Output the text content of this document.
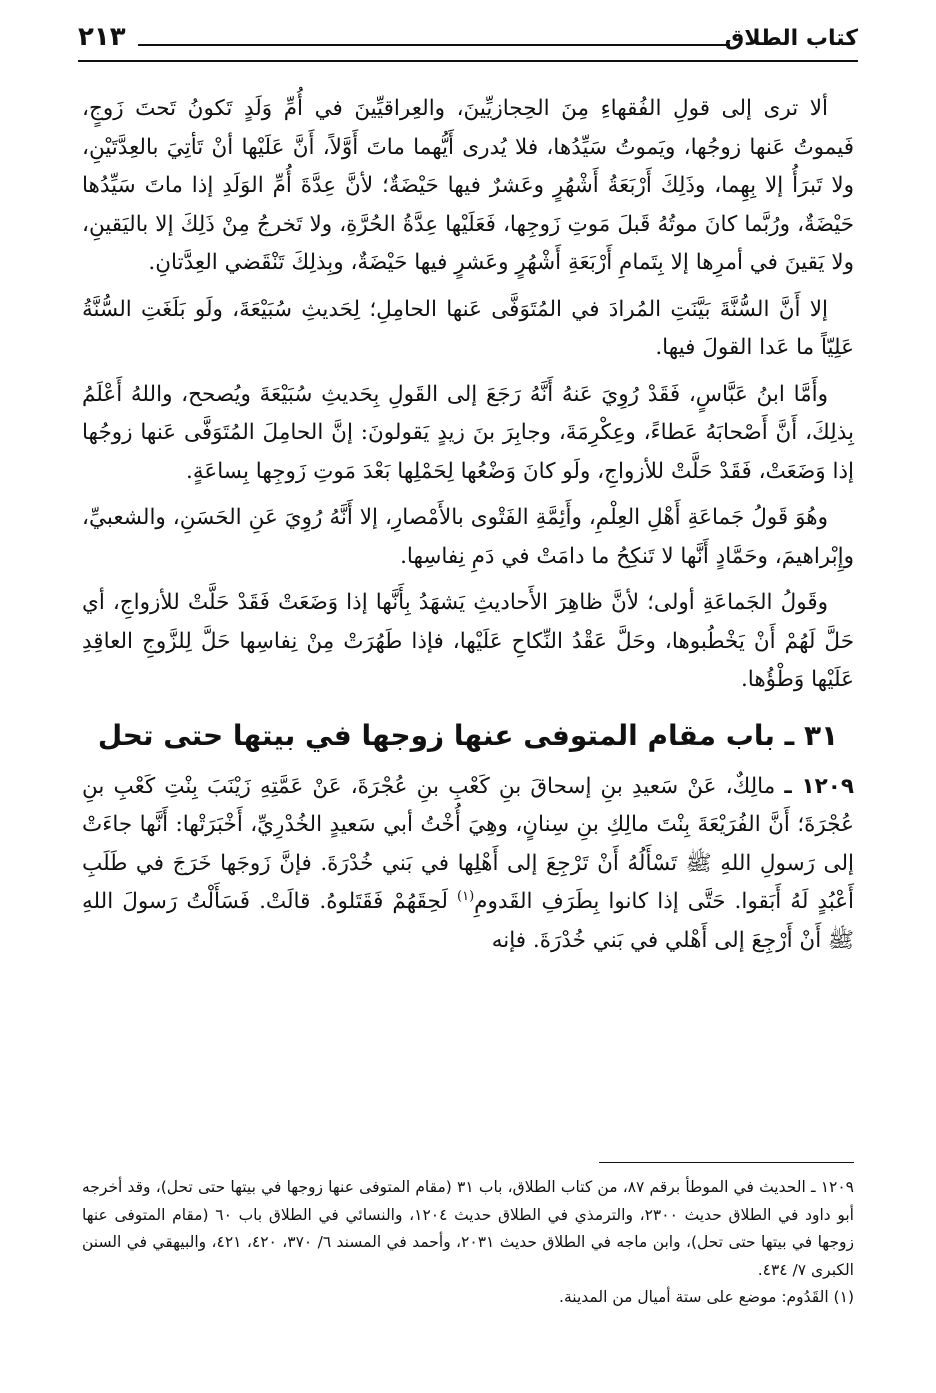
كتاب الطلاق
٢١٣

ألا ترى إلى قولِ الفُقهاءِ مِنَ الحِجازيِّينَ، والعِراقيِّينَ في أُمِّ وَلَدٍ تَكونُ تَحتَ زَوجٍ، فَيموتُ عَنها زوجُها، ويَموتُ سَيِّدُها، فلا يُدرى أَيُّهما ماتَ أَوَّلاً، أَنَّ عَلَيْها أنْ تَأتِيَ بالعِدَّتَيْنِ، ولا تَبرَأُ إلا بِهِما، وذَلِكَ أَرْبَعَةُ أَشْهُرٍ وعَشرٌ فيها حَيْضَةٌ؛ لأنَّ عِدَّةَ أُمِّ الوَلَدِ إذا ماتَ سَيِّدُها حَيْضَةٌ، ورُبَّما كانَ موتُهُ قَبلَ مَوتِ زَوجِها، فَعَلَيْها عِدَّةُ الحُرَّةِ، ولا تَخرجُ مِنْ ذَلِكَ إلا باليَقينِ، ولا يَقينَ في أمرِها إلا بِتَمامِ أَرْبَعَةِ أَشْهُرٍ وعَشرٍ فيها حَيْضَةٌ، وبِذلِكَ تَنْقَضي العِدَّتانِ.

إلا أَنَّ السُّنَّةَ بَيَّنَتِ المُرادَ في المُتَوَفَّى عَنها الحامِلِ؛ لِحَديثِ سُبَيْعَةَ، ولَو بَلَغَتِ السُّنَّةُ عَلِيّاً ما عَدا القولَ فيها.

وأَمَّا ابنُ عَبَّاسٍ، فَقَدْ رُوِيَ عَنهُ أَنَّهُ رَجَعَ إلى القَولِ بِحَديثِ سُبَيْعَةَ ويُصحح، واللهُ أَعْلَمُ بِذلِكَ، أَنَّ أَصْحابَهُ عَطاءً، وعِكْرِمَةَ، وجابِرَ بنَ زيدٍ يَقولونَ: إنَّ الحامِلَ المُتَوَفَّى عَنها زوجُها إذا وَضَعَتْ، فَقَدْ حَلَّتْ للأزواجِ، ولَو كانَ وَضْعُها لِحَمْلِها بَعْدَ مَوتِ زَوجِها بِساعَةٍ.

وهُوَ قَولُ جَماعَةِ أَهْلِ العِلْمِ، وأَئِمَّةِ الفَتْوى بالأَمْصارِ، إلا أَنَّهُ رُوِيَ عَنِ الحَسَنِ، والشعبيِّ، وإِبْراهيمَ، وحَمَّادٍ أَنَّها لا تَنكِحُ ما دامَتْ في دَمِ نِفاسِها.

وقَولُ الجَماعَةِ أولى؛ لأنَّ ظاهِرَ الأَحاديثِ يَشهَدُ بِأَنَّها إذا وَضَعَتْ فَقَدْ حَلَّتْ للأزواجِ، أي حَلَّ لَهُمْ أَنْ يَخْطُبوها، وحَلَّ عَقْدُ النِّكاحِ عَلَيْها، فإذا طَهُرَتْ مِنْ نِفاسِها حَلَّ لِلزَّوجِ العاقِدِ عَلَيْها وَطْؤُها.

٣١ ـ باب مقام المتوفى عنها زوجها في بيتها حتى تحل

١٢٠٩ ـ مالِكٌ، عَنْ سَعيدِ بنِ إسحاقَ بنِ كَعْبِ بنِ عُجْرَةَ، عَنْ عَمَّتِهِ زَيْنَبَ بِنْتِ كَعْبِ بنِ عُجْرَةَ؛ أَنَّ الفُرَيْعَةَ بِنْتَ مالِكِ بنِ سِنانٍ، وهِيَ أُخْتُ أبي سَعيدٍ الخُدْرِيِّ، أَخْبَرَتْها: أَنَّها جاءَتْ إلى رَسولِ اللهِ ﷺ تَسْأَلُهُ أَنْ تَرْجِعَ إلى أَهْلِها في بَني خُدْرَةَ. فإنَّ زَوجَها خَرَجَ في طَلَبِ أَعْبُدٍ لَهُ أَبَقوا. حَتَّى إذا كانوا بِطَرَفِ القَدومِ$^{(١)}$ لَحِقَهُمْ فَقَتَلوهُ. قالَتْ. فَسَأَلْتُ رَسولَ اللهِ ﷺ أَنْ أَرْجِعَ إلى أَهْلي في بَني خُدْرَةَ. فإنه

١٢٠٩ ـ الحديث في الموطأ برقم ٨٧، من كتاب الطلاق، باب ٣١ (مقام المتوفى عنها زوجها في بيتها حتى تحل)، وقد أخرجه أبو داود في الطلاق حديث ٢٣٠٠، والترمذي في الطلاق حديث ١٢٠٤، والنسائي في الطلاق باب ٦٠ (مقام المتوفى عنها زوجها في بيتها حتى تحل)، وابن ماجه في الطلاق حديث ٢٠٣١، وأحمد في المسند ٦/ ٣٧٠، ٤٢٠، ٤٢١، والبيهقي في السنن الكبرى ٧/ ٤٣٤.

(١) القَدُوم: موضع على ستة أميال من المدينة.
